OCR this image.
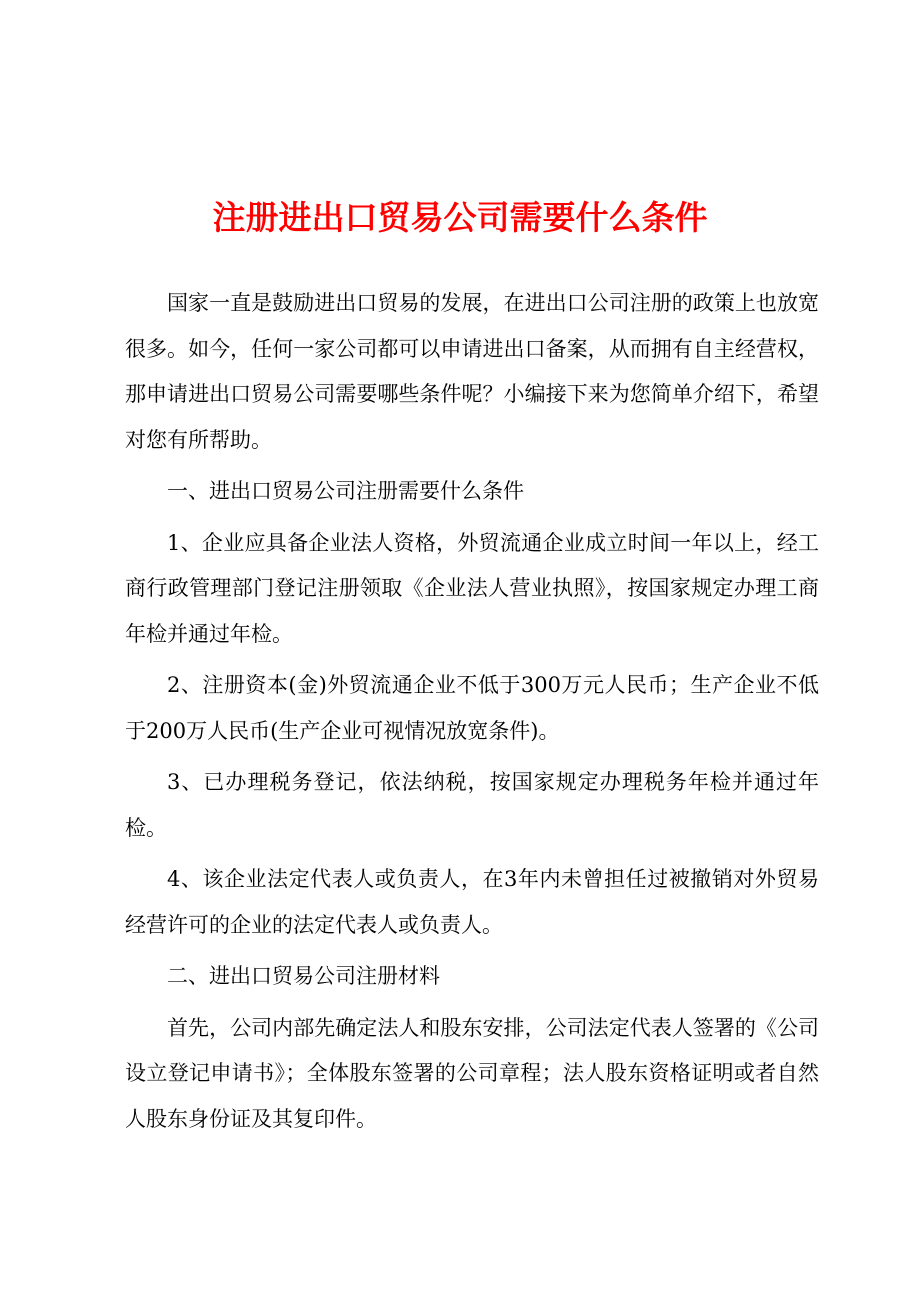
注册进出口贸易公司需要什么条件

国家一直是鼓励进出口贸易的发展，在进出口公司注册的政策上也放宽很多。如今，任何一家公司都可以申请进出口备案，从而拥有自主经营权，那申请进出口贸易公司需要哪些条件呢？小编接下来为您简单介绍下，希望对您有所帮助。

一、进出口贸易公司注册需要什么条件

1、企业应具备企业法人资格，外贸流通企业成立时间一年以上，经工商行政管理部门登记注册领取《企业法人营业执照》，按国家规定办理工商年检并通过年检。

2、注册资本(金)外贸流通企业不低于300万元人民币；生产企业不低于200万人民币(生产企业可视情况放宽条件)。

3、已办理税务登记，依法纳税，按国家规定办理税务年检并通过年检。

4、该企业法定代表人或负责人，在3年内未曾担任过被撤销对外贸易经营许可的企业的法定代表人或负责人。

二、进出口贸易公司注册材料

首先，公司内部先确定法人和股东安排，公司法定代表人签署的《公司设立登记申请书》；全体股东签署的公司章程；法人股东资格证明或者自然人股东身份证及其复印件。
